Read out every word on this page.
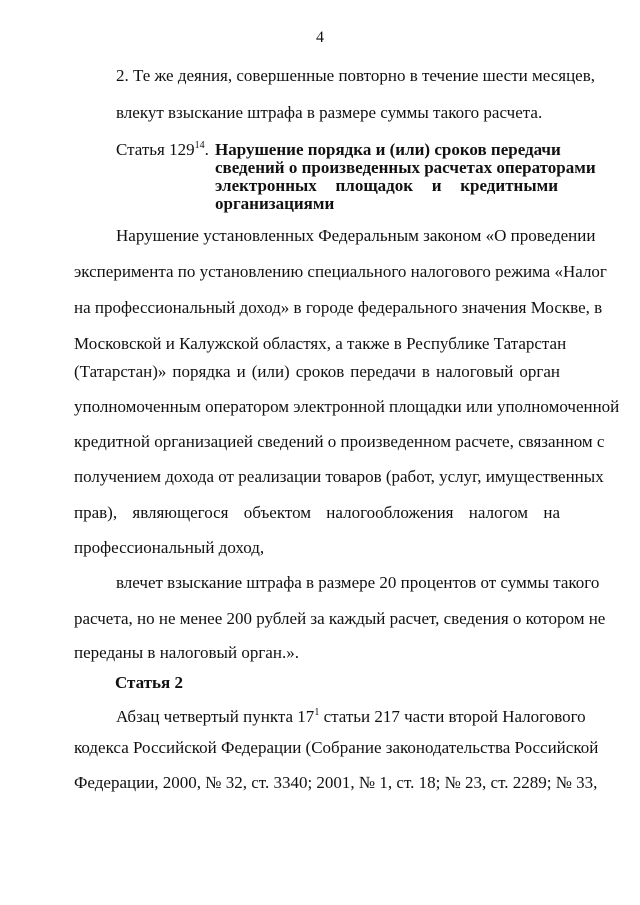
4
2. Те же деяния, совершенные повторно в течение шести месяцев,
влекут взыскание штрафа в размере суммы такого расчета.
Статья $129^{14}$. Нарушение порядка и (или) сроков передачи
сведений о произведенных расчетах операторами
электронных площадок и кредитными
организациями
Нарушение установленных Федеральным законом «О проведении
эксперимента по установлению специального налогового режима «Налог
на профессиональный доход» в городе федерального значения Москве, в
Московской и Калужской областях, а также в Республике Татарстан
(Татарстан)» порядка и (или) сроков передачи в налоговый орган
уполномоченным оператором электронной площадки или уполномоченной
кредитной организацией сведений о произведенном расчете, связанном с
получением дохода от реализации товаров (работ, услуг, имущественных
прав), являющегося объектом налогообложения налогом на
профессиональный доход,
влечет взыскание штрафа в размере 20 процентов от суммы такого
расчета, но не менее 200 рублей за каждый расчет, сведения о котором не
переданы в налоговый орган.».
Статья 2
Абзац четвертый пункта $17^1$ статьи 217 части второй Налогового
кодекса Российской Федерации (Собрание законодательства Российской
Федерации, 2000, № 32, ст. 3340; 2001, № 1, ст. 18; № 23, ст. 2289; № 33,
